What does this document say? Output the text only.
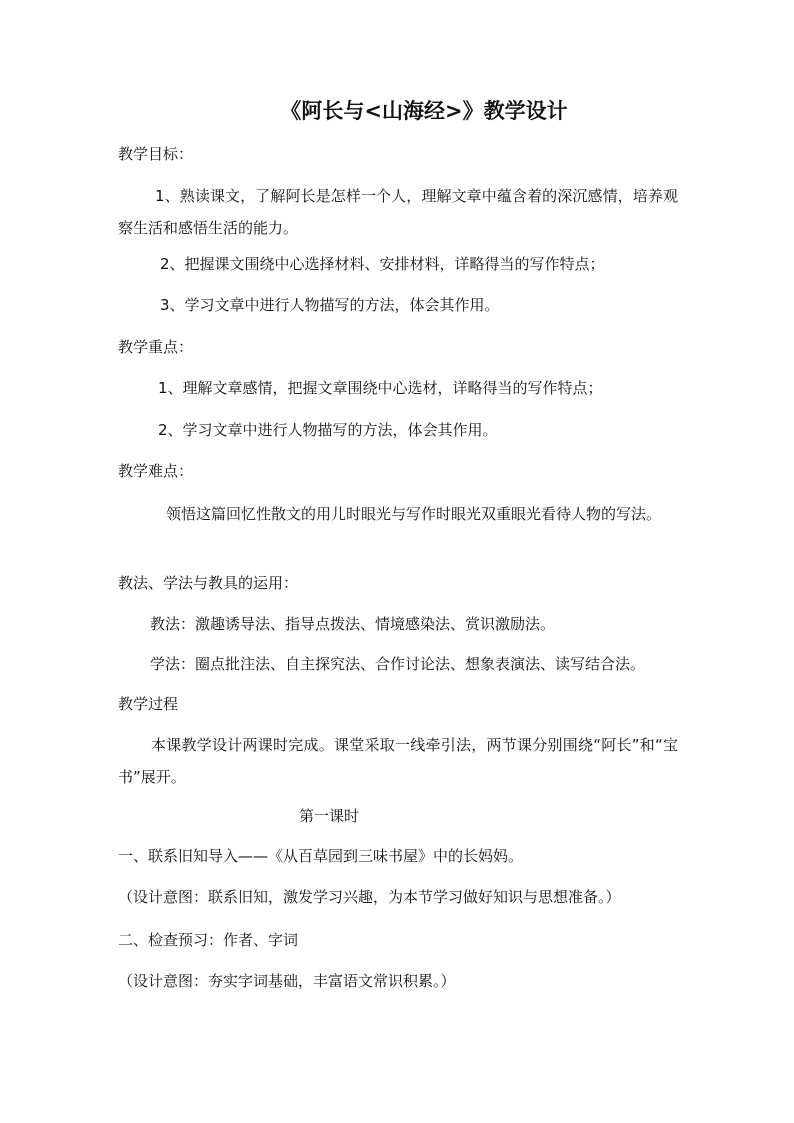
《阿长与<山海经>》教学设计
教学目标：
1、熟读课文，了解阿长是怎样一个人，理解文章中蕴含着的深沉感情，培养观察生活和感悟生活的能力。
2、把握课文围绕中心选择材料、安排材料，详略得当的写作特点；
3、学习文章中进行人物描写的方法，体会其作用。
教学重点：
1、理解文章感情，把握文章围绕中心选材，详略得当的写作特点；
2、学习文章中进行人物描写的方法，体会其作用。
教学难点：
领悟这篇回忆性散文的用儿时眼光与写作时眼光双重眼光看待人物的写法。
教法、学法与教具的运用：
教法：激趣诱导法、指导点拨法、情境感染法、赏识激励法。
学法：圈点批注法、自主探究法、合作讨论法、想象表演法、读写结合法。
教学过程
本课教学设计两课时完成。课堂采取一线牵引法，两节课分别围绕“阿长”和“宝书”展开。
第一课时
一、联系旧知导入——《从百草园到三味书屋》中的长妈妈。
（设计意图：联系旧知，激发学习兴趣，为本节学习做好知识与思想准备。）
二、检查预习：作者、字词
（设计意图：夯实字词基础，丰富语文常识积累。）
